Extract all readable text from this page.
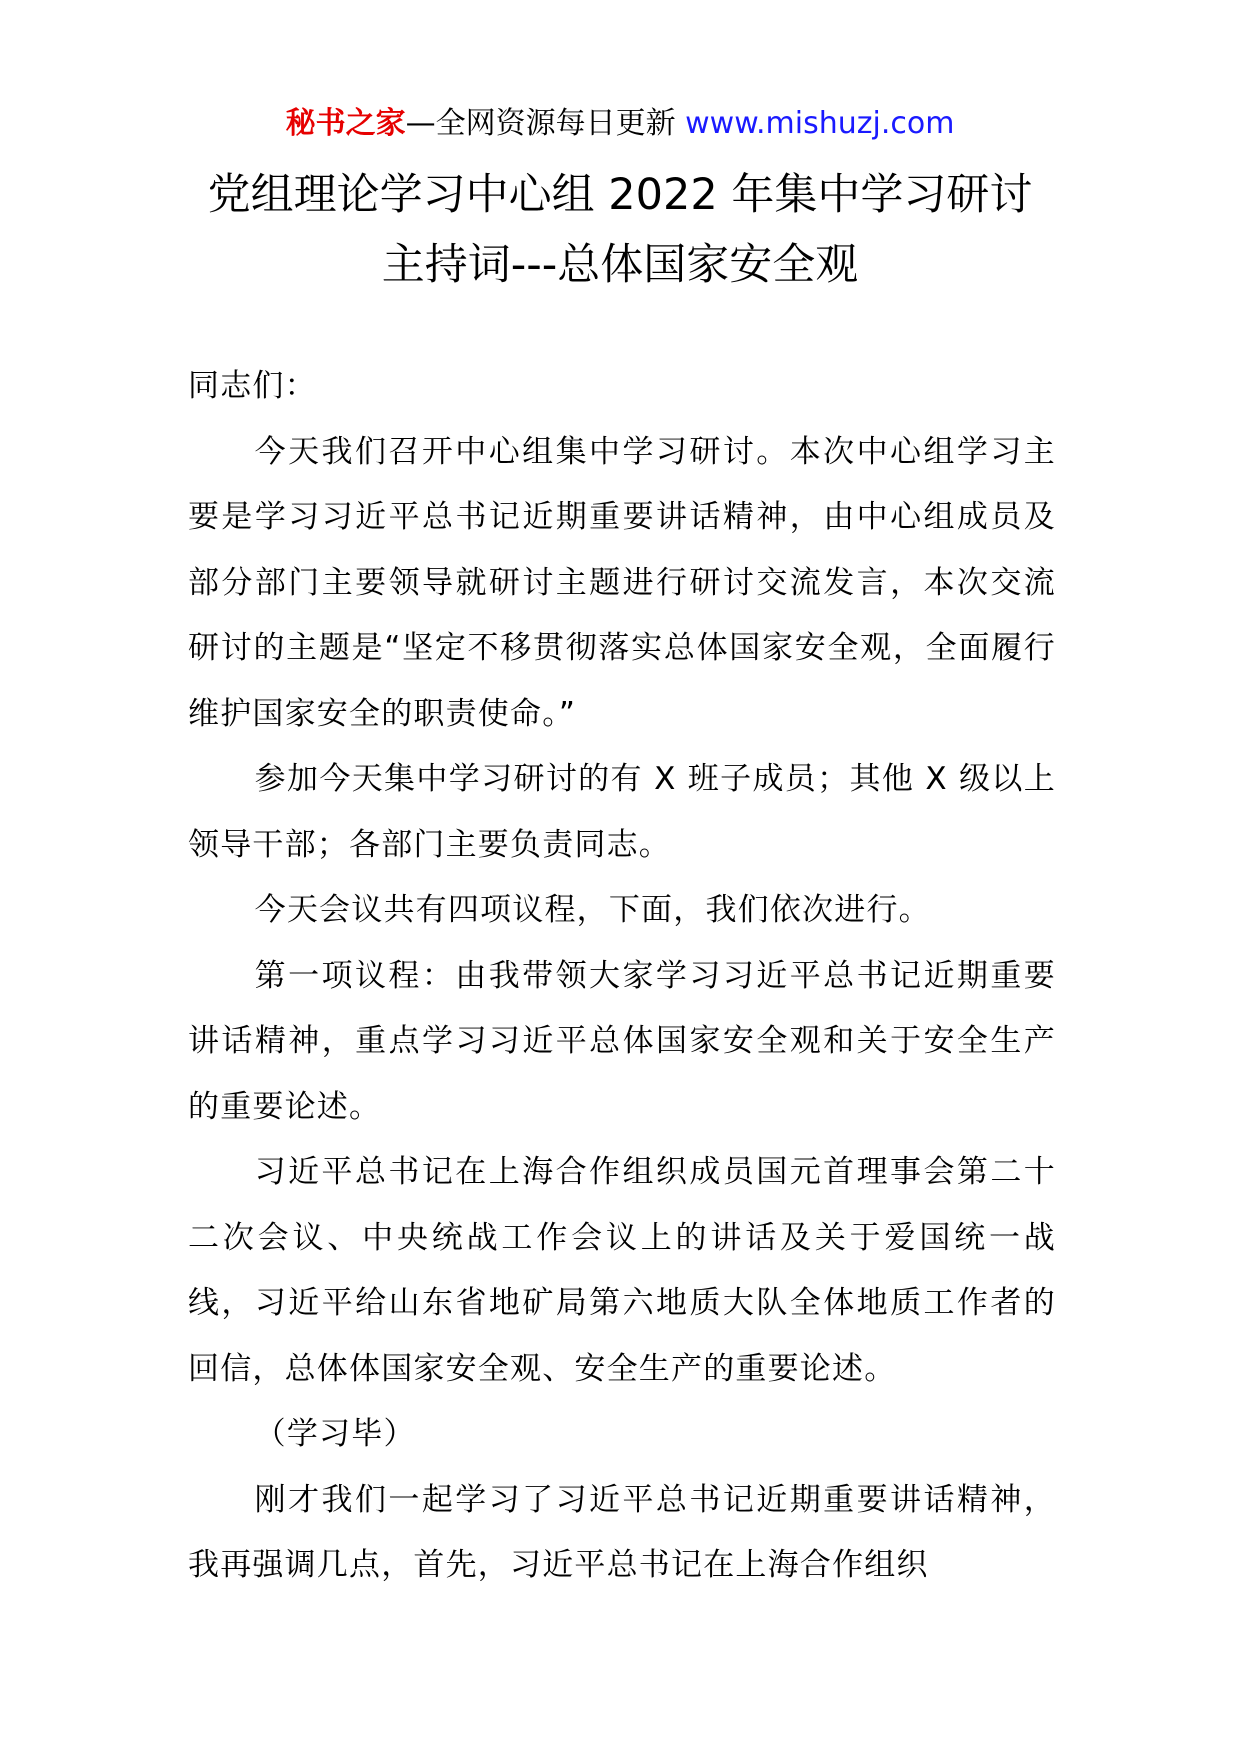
秘书之家—全网资源每日更新 www.mishuzj.com
党组理论学习中心组 2022 年集中学习研讨
主持词---总体国家安全观

同志们：

今天我们召开中心组集中学习研讨。本次中心组学习主要是学习习近平总书记近期重要讲话精神，由中心组成员及部分部门主要领导就研讨主题进行研讨交流发言，本次交流研讨的主题是“坚定不移贯彻落实总体国家安全观，全面履行维护国家安全的职责使命。”

参加今天集中学习研讨的有 X 班子成员；其他 X 级以上领导干部；各部门主要负责同志。

今天会议共有四项议程，下面，我们依次进行。

第一项议程：由我带领大家学习习近平总书记近期重要讲话精神，重点学习习近平总体国家安全观和关于安全生产的重要论述。

习近平总书记在上海合作组织成员国元首理事会第二十二次会议、中央统战工作会议上的讲话及关于爱国统一战线，习近平给山东省地矿局第六地质大队全体地质工作者的回信，总体体国家安全观、安全生产的重要论述。

（学习毕）

刚才我们一起学习了习近平总书记近期重要讲话精神，我再强调几点，首先，习近平总书记在上海合作组织
